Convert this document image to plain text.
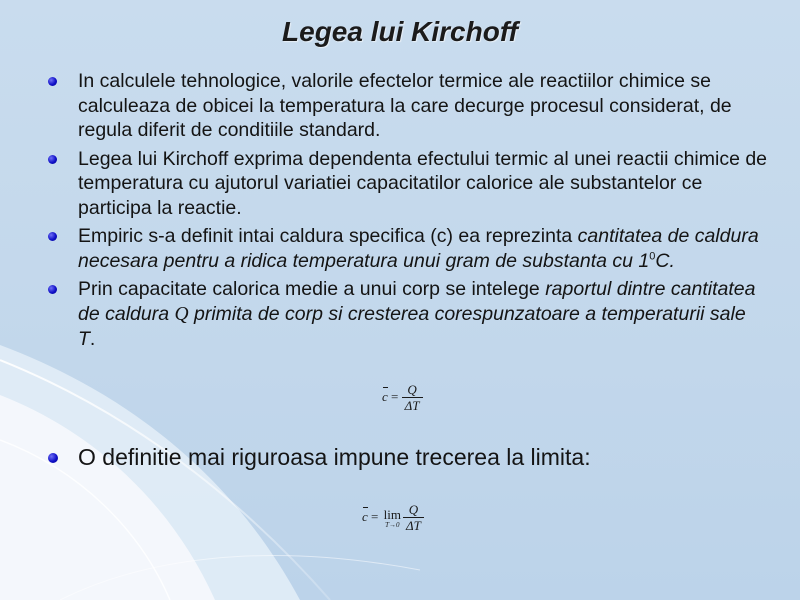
Legea lui Kirchoff
In calculele tehnologice, valorile efectelor termice ale reactiilor chimice se calculeaza de obicei la temperatura la care decurge procesul considerat, de regula diferit de conditiile standard.
Legea lui Kirchoff exprima dependenta efectului termic al unei reactii chimice de temperatura cu ajutorul variatiei capacitatilor calorice ale substantelor ce participa la reactie.
Empiric s-a definit intai caldura specifica (c) ea reprezinta cantitatea de caldura necesara pentru a ridica temperatura unui gram de substanta cu $1^0C$.
Prin capacitate calorica medie a unui corp se intelege raportul dintre cantitatea de caldura Q primita de corp si cresterea corespunzatoare a temperaturii sale T.
$c = \frac{Q}{\Delta T}$
O definitie mai riguroasa impune trecerea la limita:
c = lim
$T\to 0 \frac{Q}{\Delta T}$
